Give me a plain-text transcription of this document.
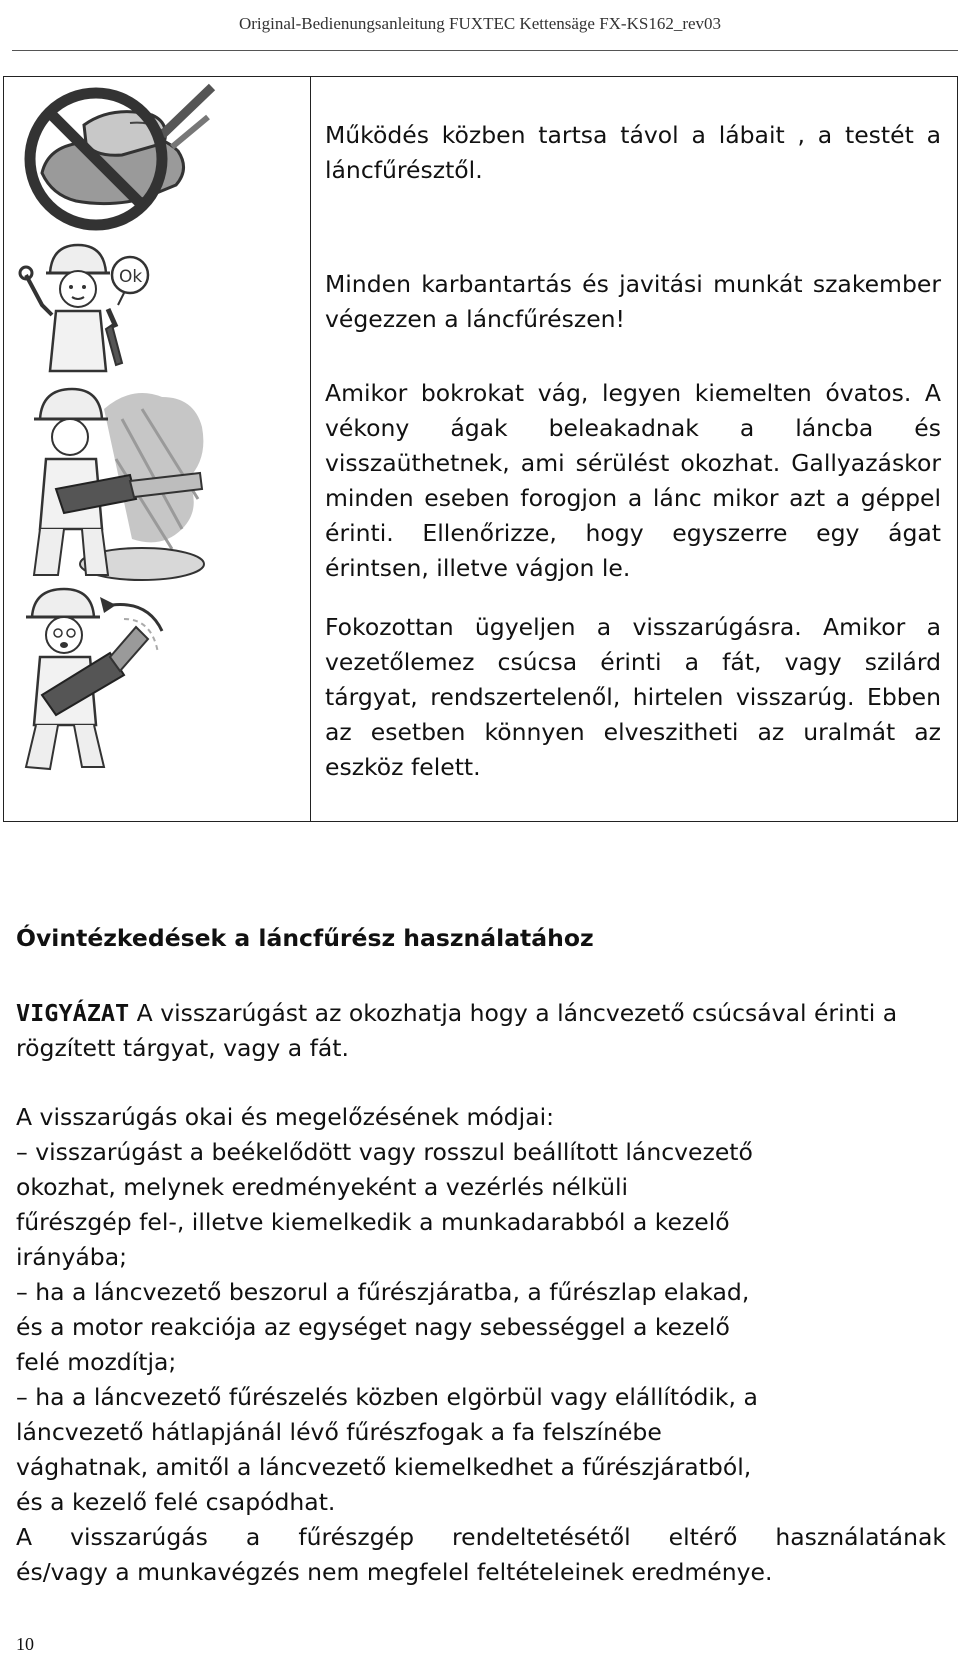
Original-Bedienungsanleitung FUXTEC Kettensäge FX-KS162_rev03
Ok

Működés közben tartsa távol a lábait , a testét a láncfűrésztől.
Minden karbantartás és javitási munkát szakember végezzen a láncfűrészen!
Amikor bokrokat vág, legyen kiemelten óvatos. A vékony ágak beleakadnak a láncba és visszaüthetnek, ami sérülést okozhat. Gallyazáskor minden eseben forogjon a lánc mikor azt a géppel érinti. Ellenőrizze, hogy egyszerre egy ágat érintsen, illetve vágjon le.
Fokozottan ügyeljen a visszarúgásra. Amikor a vezetőlemez csúcsa érinti a fát, vagy szilárd tárgyat, rendszertelenől, hirtelen visszarúg. Ebben az esetben könnyen elveszitheti az uralmát az eszköz felett.
Óvintézkedések a láncfűrész használatához
VIGYÁZAT A visszarúgást az okozhatja hogy a láncvezető csúcsával érinti a rögzített tárgyat, vagy a fát.
A visszarúgás okai és megelőzésének módjai:
– visszarúgást a beékelődött vagy rosszul beállított láncvezető
okozhat, melynek eredményeként a vezérlés nélküli
fűrészgép fel-, illetve kiemelkedik a munkadarabból a kezelő
irányába;
– ha a láncvezető beszorul a fűrészjáratba, a fűrészlap elakad,
és a motor reakciója az egységet nagy sebességgel a kezelő
felé mozdítja;
– ha a láncvezető fűrészelés közben elgörbül vagy elállítódik, a
láncvezető hátlapjánál lévő fűrészfogak a fa felszínébe
vághatnak, amitől a láncvezető kiemelkedhet a fűrészjáratból,
és a kezelő felé csapódhat.
A visszarúgás a fűrészgép rendeltetésétől eltérő használatának
és/vagy a munkavégzés nem megfelel feltételeinek eredménye.
10
